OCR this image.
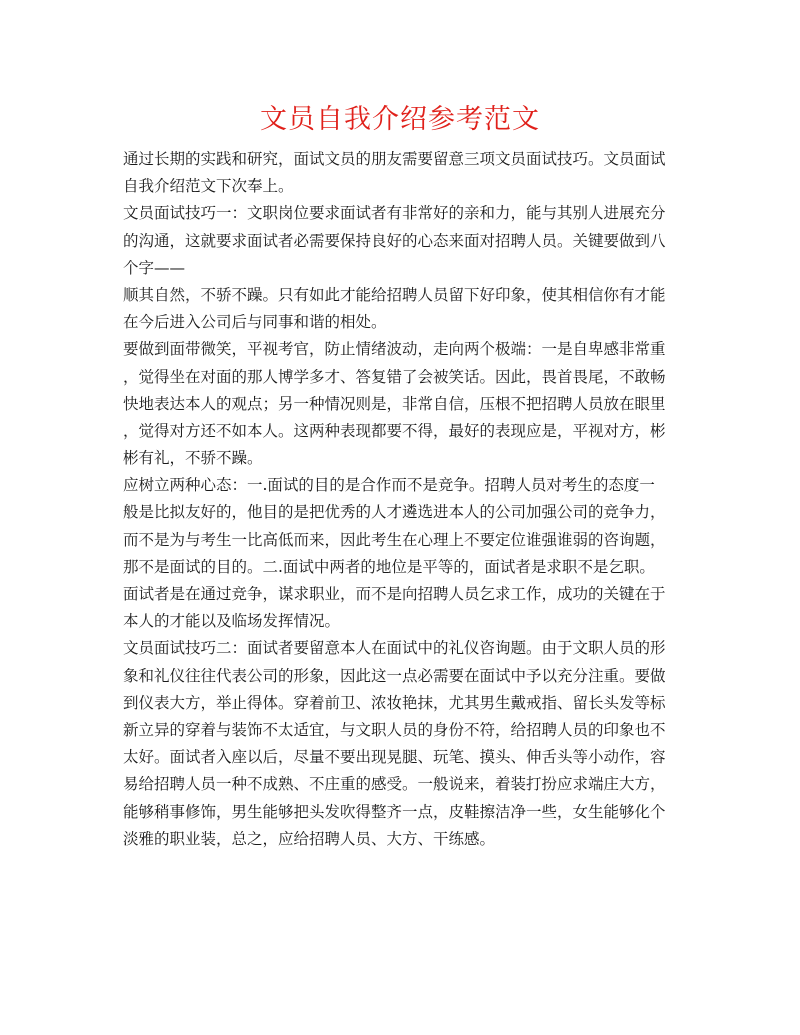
文员自我介绍参考范文
通过长期的实践和研究，面试文员的朋友需要留意三项文员面试技巧。文员面试
自我介绍范文下次奉上。
文员面试技巧一：文职岗位要求面试者有非常好的亲和力，能与其别人进展充分
的沟通，这就要求面试者必需要保持良好的心态来面对招聘人员。关键要做到八
个字——
顺其自然，不骄不躁。只有如此才能给招聘人员留下好印象，使其相信你有才能
在今后进入公司后与同事和谐的相处。
要做到面带微笑，平视考官，防止情绪波动，走向两个极端：一是自卑感非常重
，觉得坐在对面的那人博学多才、答复错了会被笑话。因此，畏首畏尾，不敢畅
快地表达本人的观点；另一种情况则是，非常自信，压根不把招聘人员放在眼里
，觉得对方还不如本人。这两种表现都要不得，最好的表现应是，平视对方，彬
彬有礼，不骄不躁。
应树立两种心态：一.面试的目的是合作而不是竞争。招聘人员对考生的态度一
般是比拟友好的，他目的是把优秀的人才遴选进本人的公司加强公司的竞争力，
而不是为与考生一比高低而来，因此考生在心理上不要定位谁强谁弱的咨询题，
那不是面试的目的。二.面试中两者的地位是平等的，面试者是求职不是乞职。
面试者是在通过竞争，谋求职业，而不是向招聘人员乞求工作，成功的关键在于
本人的才能以及临场发挥情况。
文员面试技巧二：面试者要留意本人在面试中的礼仪咨询题。由于文职人员的形
象和礼仪往往代表公司的形象，因此这一点必需要在面试中予以充分注重。要做
到仪表大方，举止得体。穿着前卫、浓妆艳抹，尤其男生戴戒指、留长头发等标
新立异的穿着与装饰不太适宜，与文职人员的身份不符，给招聘人员的印象也不
太好。面试者入座以后，尽量不要出现晃腿、玩笔、摸头、伸舌头等小动作，容
易给招聘人员一种不成熟、不庄重的感受。一般说来，着装打扮应求端庄大方，
能够稍事修饰，男生能够把头发吹得整齐一点，皮鞋擦洁净一些，女生能够化个
淡雅的职业装，总之，应给招聘人员、大方、干练感。
